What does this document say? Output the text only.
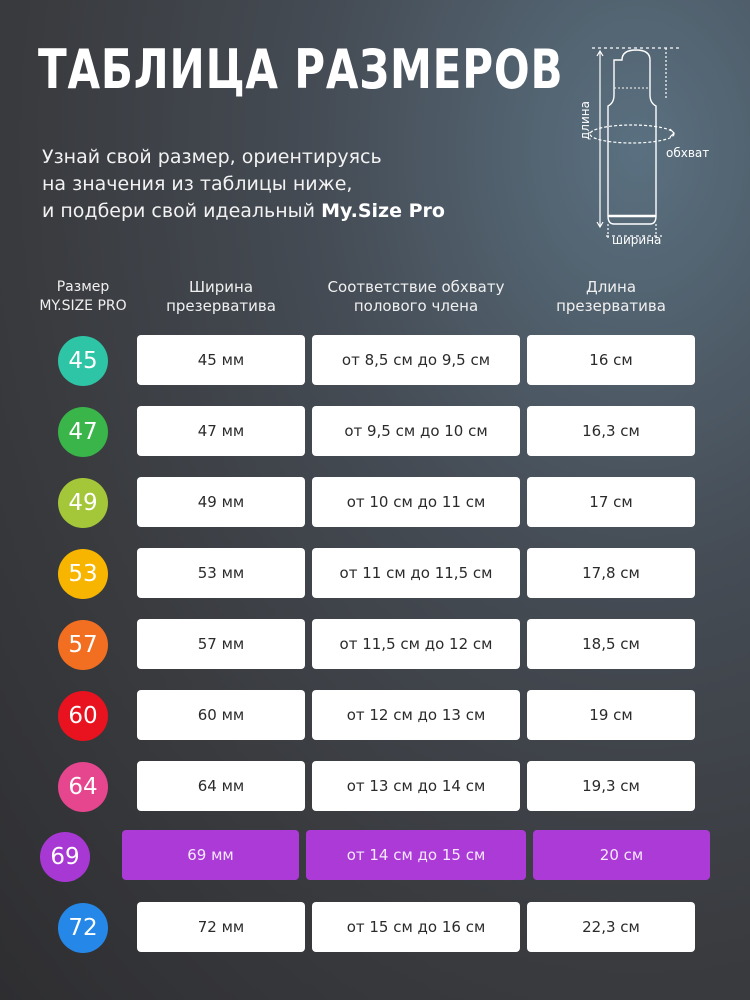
ТАБЛИЦА РАЗМЕРОВ
Узнай свой размер, ориентируясь
на значения из таблицы ниже,
и подбери свой идеальный My.Size Pro
длина
обхват
ширина
Размер
MY.SIZE PRO
Ширина
презерватива
Соответствие обхвату
полового члена
Длина
презерватива
45	45 мм	от 8,5 см до 9,5 см	16 см
47	47 мм	от 9,5 см до 10 см	16,3 см
49	49 мм	от 10 см до 11 см	17 см
53	53 мм	от 11 см до 11,5 см	17,8 см
57	57 мм	от 11,5 см до 12 см	18,5 см
60	60 мм	от 12 см до 13 см	19 см
64	64 мм	от 13 см до 14 см	19,3 см
69	69 мм	от 14 см до 15 см	20 см
72	72 мм	от 15 см до 16 см	22,3 см
